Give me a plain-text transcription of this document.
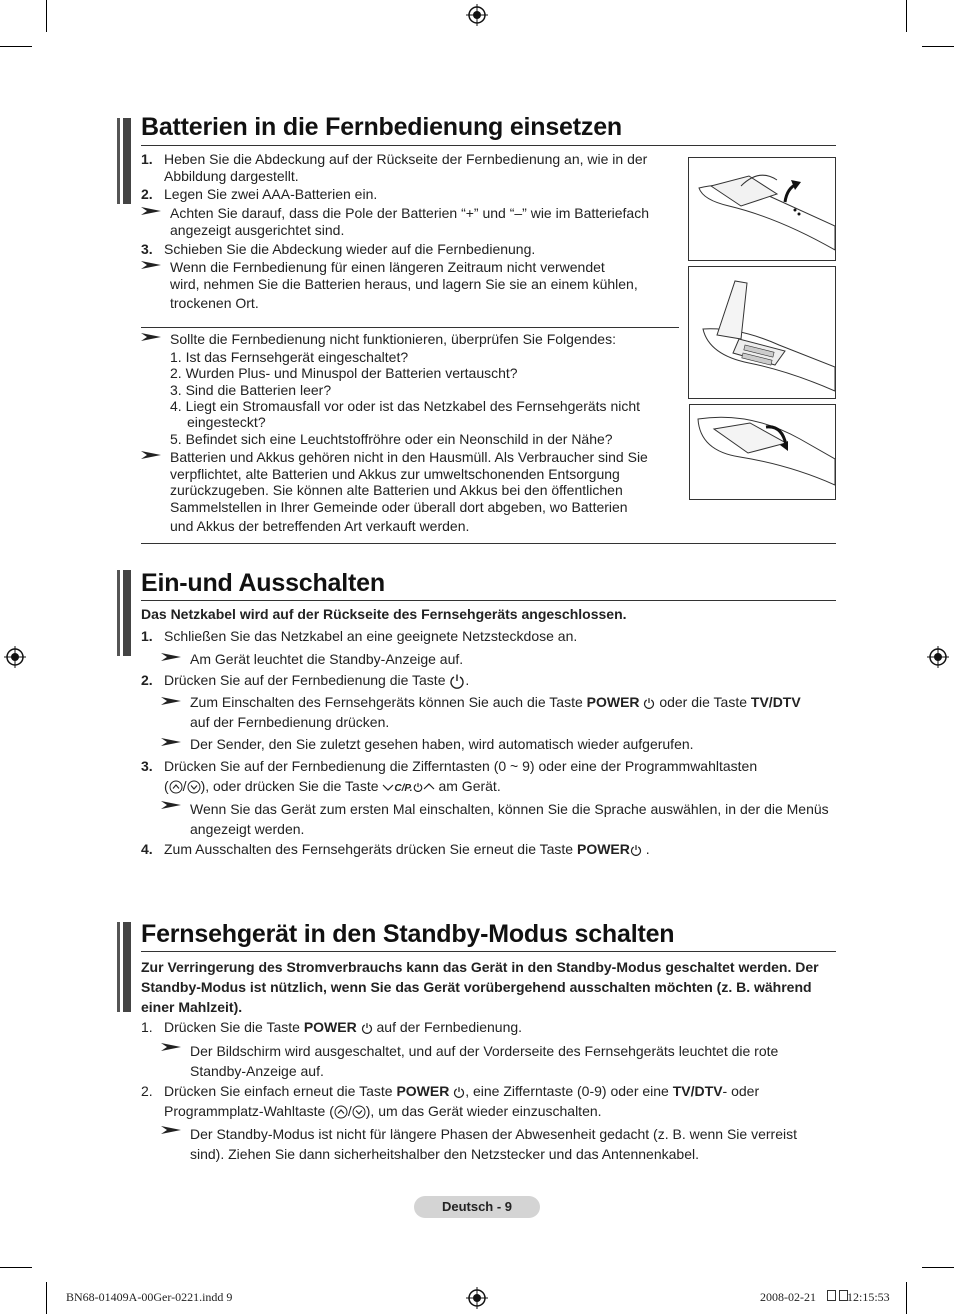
Batterien in die Fernbedienung einsetzen
1. Heben Sie die Abdeckung auf der Rückseite der Fernbedienung an, wie in der Abbildung dargestellt.
2. Legen Sie zwei AAA-Batterien ein.
Achten Sie darauf, dass die Pole der Batterien “+” und “–” wie im Batteriefach angezeigt ausgerichtet sind.
3. Schieben Sie die Abdeckung wieder auf die Fernbedienung.
Wenn die Fernbedienung für einen längeren Zeitraum nicht verwendet
wird, nehmen Sie die Batterien heraus, und lagern Sie sie an einem kühlen,
trockenen Ort.
Sollte die Fernbedienung nicht funktionieren, überprüfen Sie Folgendes:
1. Ist das Fernsehgerät eingeschaltet?
2. Wurden Plus- und Minuspol der Batterien vertauscht?
3. Sind die Batterien leer?
4. Liegt ein Stromausfall vor oder ist das Netzkabel des Fernsehgeräts nicht
eingesteckt?
5. Befindet sich eine Leuchtstoffröhre oder ein Neonschild in der Nähe?
Batterien und Akkus gehören nicht in den Hausmüll. Als Verbraucher sind Sie verpflichtet, alte Batterien und Akkus zur umweltschonenden Entsorgung zurückzugeben. Sie können alte Batterien und Akkus bei den öffentlichen Sammelstellen in Ihrer Gemeinde oder überall dort abgeben, wo Batterien
und Akkus der betreffenden Art verkauft werden.
Ein-und Ausschalten
Das Netzkabel wird auf der Rückseite des Fernsehgeräts angeschlossen.
1. Schließen Sie das Netzkabel an eine geeignete Netzsteckdose an.
Am Gerät leuchtet die Standby-Anzeige auf.
2. Drücken Sie auf der Fernbedienung die Taste .
Zum Einschalten des Fernsehgeräts können Sie auch die Taste POWER oder die Taste TV/DTV
auf der Fernbedienung drücken.
Der Sender, den Sie zuletzt gesehen haben, wird automatisch wieder aufgerufen.
3. Drücken Sie auf der Fernbedienung die Zifferntasten (0 ~ 9) oder eine der Programmwahltasten
( / ), oder drücken Sie die Taste C/P. am Gerät.
Wenn Sie das Gerät zum ersten Mal einschalten, können Sie die Sprache auswählen, in der die Menüs angezeigt werden.
4. Zum Ausschalten des Fernsehgeräts drücken Sie erneut die Taste POWER .
Fernsehgerät in den Standby-Modus schalten
Zur Verringerung des Stromverbrauchs kann das Gerät in den Standby-Modus geschaltet werden. Der Standby-Modus ist nützlich, wenn Sie das Gerät vorübergehend ausschalten möchten (z. B. während einer Mahlzeit).
1. Drücken Sie die Taste POWER auf der Fernbedienung.
Der Bildschirm wird ausgeschaltet, und auf der Vorderseite des Fernsehgeräts leuchtet die rote Standby-Anzeige auf.
2. Drücken Sie einfach erneut die Taste POWER , eine Zifferntaste (0-9) oder eine TV/DTV- oder
Programmplatz-Wahltaste ( / ), um das Gerät wieder einzuschalten.
Der Standby-Modus ist nicht für längere Phasen der Abwesenheit gedacht (z. B. wenn Sie verreist sind). Ziehen Sie dann sicherheitshalber den Netzstecker und das Antennenkabel.
Deutsch - 9
BN68-01409A-00Ger-0221.indd 9	2008-02-21
	12:15:53
